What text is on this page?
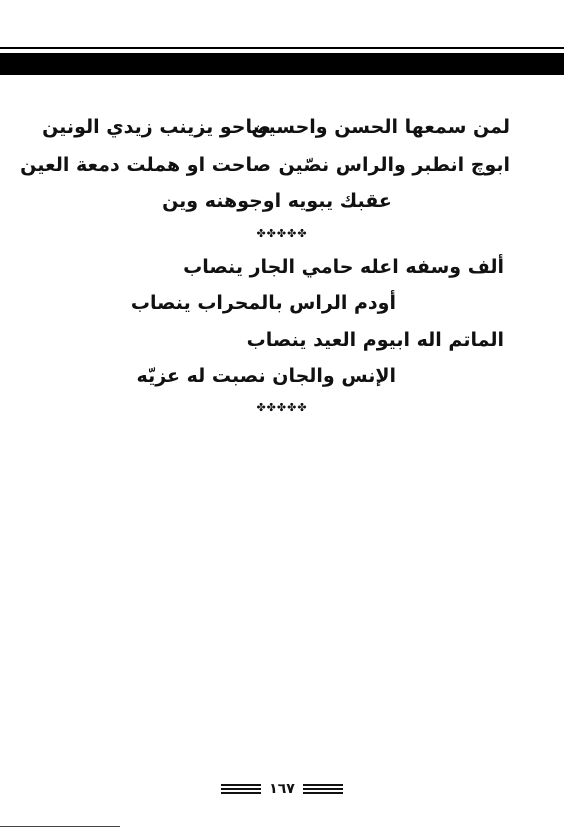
لمن سمعها الحسن واحسين
صاحو يزينب زيدي الونين
ابوچ انطبر والراس نصّين
صاحت او هملت دمعة العين
عقبك يبويه اوجوهنه وين
✤✤✤✤✤
ألف وسفه اعله حامي الجار ينصاب
أودم الراس بالمحراب ينصاب
الماتم اله ابيوم العيد ينصاب
الإنس والجان نصبت له عزيّه
✤✤✤✤✤
١٦٧
